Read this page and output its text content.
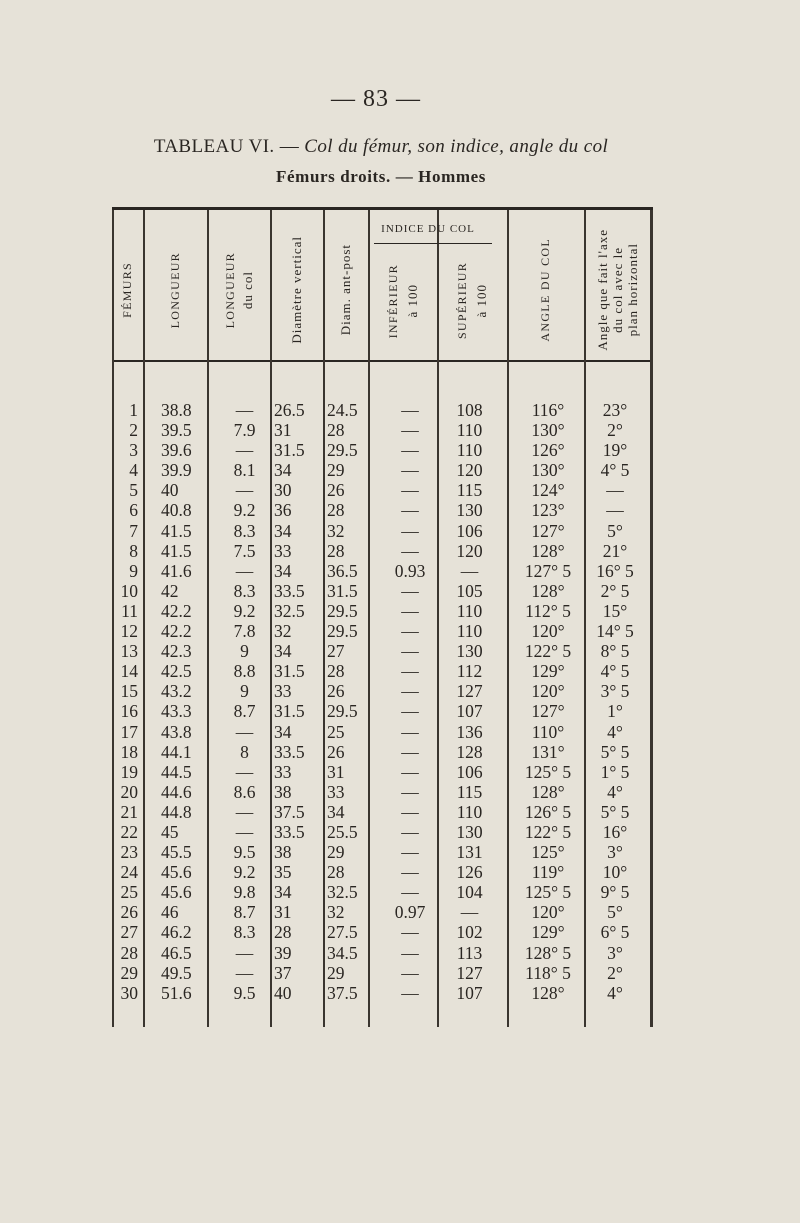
— 83 —
TABLEAU VI. — Col du fémur, son indice, angle du col
Fémurs droits. — Hommes
FÉMURS	LONGUEUR	LONGUEUR du col	Diamètre vertical	Diam. ant-post
INDICE DU COL
INFÉRIEUR à 100	SUPÉRIEUR à 100	ANGLE DU COL	Angle que fait l'axe du col avec le plan horizontal
1 38.8	—	26.5	24.5	—	108	116°	23°
2 39.5	7.9	31	28	—	110	130°	2°
3 39.6	—	31.5	29.5	—	110	126°	19°
4 39.9	8.1	34	29	—	120	130°	4° 5
5 40	—	30	26	—	115	124°	—
6 40.8	9.2	36	28	—	130	123°	—
7 41.5	8.3	34	32	—	106	127°	5°
8 41.5	7.5	33	28	—	120	128°	21°
9 41.6	—	34	36.5	0.93	—	127° 5	16° 5
10 42	8.3	33.5	31.5	—	105	128°	2° 5
11 42.2	9.2	32.5	29.5	—	110	112° 5	15°
12 42.2	7.8	32	29.5	—	110	120°	14° 5
13 42.3	9	34	27	—	130	122° 5	8° 5
14 42.5	8.8	31.5	28	—	112	129°	4° 5
15 43.2	9	33	26	—	127	120°	3° 5
16 43.3	8.7	31.5	29.5	—	107	127°	1°
17 43.8	—	34	25	—	136	110°	4°
18 44.1	8	33.5	26	—	128	131°	5° 5
19 44.5	—	33	31	—	106	125° 5	1° 5
20 44.6	8.6	38	33	—	115	128°	4°
21 44.8	—	37.5	34	—	110	126° 5	5° 5
22 45	—	33.5	25.5	—	130	122° 5	16°
23 45.5	9.5	38	29	—	131	125°	3°
24 45.6	9.2	35	28	—	126	119°	10°
25 45.6	9.8	34	32.5	—	104	125° 5	9° 5
26 46	8.7	31	32	0.97	—	120°	5°
27 46.2	8.3	28	27.5	—	102	129°	6° 5
28 46.5	—	39	34.5	—	113	128° 5	3°
29 49.5	—	37	29	—	127	118° 5	2°
30 51.6	9.5	40	37.5	—	107	128°	4°
